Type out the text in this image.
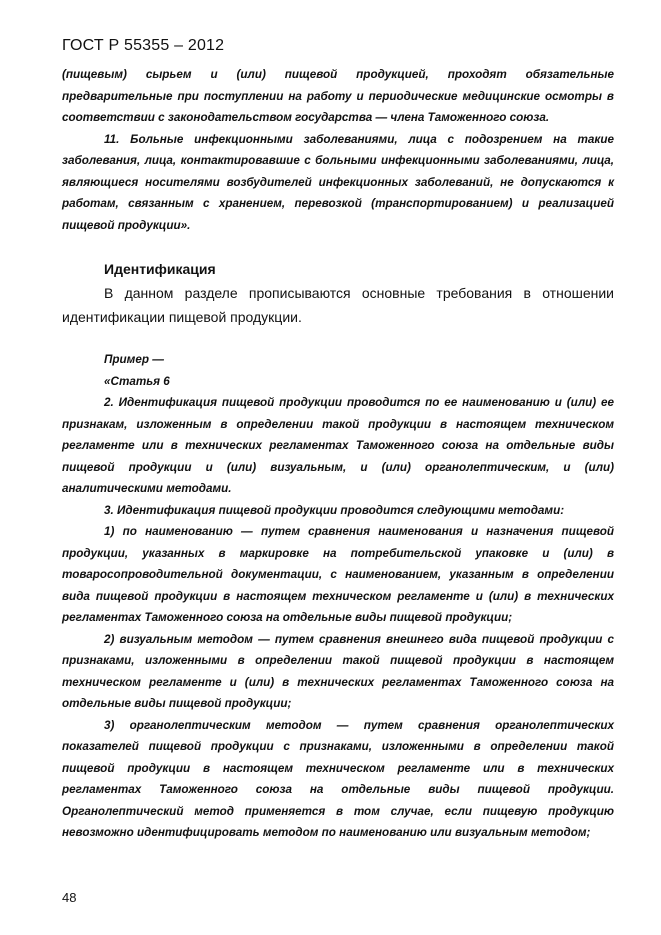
ГОСТ Р 55355 – 2012

(пищевым) сырьем и (или) пищевой продукцией, проходят обязательные предварительные при поступлении на работу и периодические медицинские осмотры в соответствии с законодательством государства — члена Таможенного союза.

11. Больные инфекционными заболеваниями, лица с подозрением на такие заболевания, лица, контактировавшие с больными инфекционными заболеваниями, лица, являющиеся носителями возбудителей инфекционных заболеваний, не допускаются к работам, связанным с хранением, перевозкой (транспортированием) и реализацией пищевой продукции».

Идентификация

В данном разделе прописываются основные требования в отношении идентификации пищевой продукции.

Пример —

«Статья 6

2. Идентификация пищевой продукции проводится по ее наименованию и (или) ее признакам, изложенным в определении такой продукции в настоящем техническом регламенте или в технических регламентах Таможенного союза на отдельные виды пищевой продукции и (или) визуальным, и (или) органолептическим, и (или) аналитическими методами.

3. Идентификация пищевой продукции проводится следующими методами:

1) по наименованию — путем сравнения наименования и назначения пищевой продукции, указанных в маркировке на потребительской упаковке и (или) в товаросопроводительной документации, с наименованием, указанным в определении вида пищевой продукции в настоящем техническом регламенте и (или) в технических регламентах Таможенного союза на отдельные виды пищевой продукции;

2) визуальным методом — путем сравнения внешнего вида пищевой продукции с признаками, изложенными в определении такой пищевой продукции в настоящем техническом регламенте и (или) в технических регламентах Таможенного союза на отдельные виды пищевой продукции;

3) органолептическим методом — путем сравнения органолептических показателей пищевой продукции с признаками, изложенными в определении такой пищевой продукции в настоящем техническом регламенте или в технических регламентах Таможенного союза на отдельные виды пищевой продукции. Органолептический метод применяется в том случае, если пищевую продукцию невозможно идентифицировать методом по наименованию или визуальным методом;

48
